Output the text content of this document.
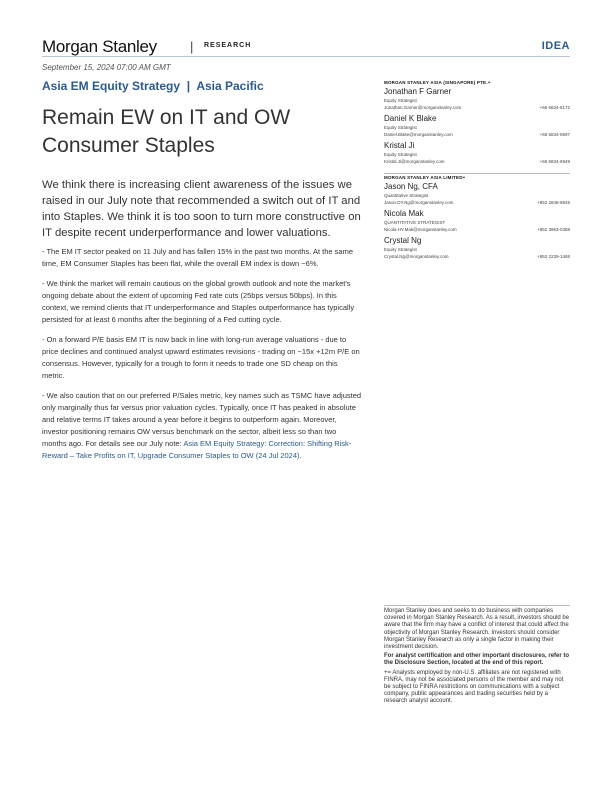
Morgan Stanley	| RESEARCH	IDEA
September 15, 2024 07:00 AM GMT
Asia EM Equity Strategy | Asia Pacific
Remain EW on IT and OW Consumer Staples
We think there is increasing client awareness of the issues we raised in our July note that recommended a switch out of IT and into Staples. We think it is too soon to turn more constructive on IT despite recent underperformance and lower valuations.

- The EM IT sector peaked on 11 July and has fallen 15% in the past two months. At the same time, EM Consumer Staples has been flat, while the overall EM index is down ~6%.

- We think the market will remain cautious on the global growth outlook and note the market's ongoing debate about the extent of upcoming Fed rate cuts (25bps versus 50bps). In this context, we remind clients that IT underperformance and Staples outperformance has typically persisted for at least 6 months after the beginning of a Fed cutting cycle.

- On a forward P/E basis EM IT is now back in line with long-run average valuations - due to price declines and continued analyst upward estimates revisions - trading on ~15x +12m P/E on consensus. However, typically for a trough to form it needs to trade one SD cheap on this metric.

- We also caution that on our preferred P/Sales metric, key names such as TSMC have adjusted only marginally thus far versus prior valuation cycles. Typically, once IT has peaked in absolute and relative terms IT takes around a year before it begins to outperform again. Moreover, investor positioning remains OW versus benchmark on the sector, albeit less so than two months ago. For details see our July note: Asia EM Equity Strategy: Correction: Shifting Risk-Reward – Take Profits on IT, Upgrade Consumer Staples to OW (24 Jul 2024).

MORGAN STANLEY ASIA (SINGAPORE) PTE.+
Jonathan F Garner
Equity Strategist
Jonathan.Garner@morganstanley.com	+65 6834-8172
Daniel K Blake
Equity Strategist
Daniel.Blake@morganstanley.com	+65 6834-6597
Kristal Ji
Equity Strategist
Kristal.Ji@morganstanley.com	+65 6834-6949
MORGAN STANLEY ASIA LIMITED+
Jason Ng, CFA
Quantitative Strategist
Jason.DY.Ng@morganstanley.com	+852 2848-8845
Nicola Mak
QUANTITATIVE STRATEGIST
Nicola.HY.Mak@morganstanley.com	+852 3963-0368
Crystal Ng
Equity Strategist
Crystal.Ng@morganstanley.com	+852 2239-1468

Morgan Stanley does and seeks to do business with companies covered in Morgan Stanley Research. As a result, investors should be aware that the firm may have a conflict of interest that could affect the objectivity of Morgan Stanley Research. Investors should consider Morgan Stanley Research as only a single factor in making their investment decision.

For analyst certification and other important disclosures, refer to the Disclosure Section, located at the end of this report.

+= Analysts employed by non-U.S. affiliates are not registered with FINRA, may not be associated persons of the member and may not be subject to FINRA restrictions on communications with a subject company, public appearances and trading securities held by a research analyst account.
